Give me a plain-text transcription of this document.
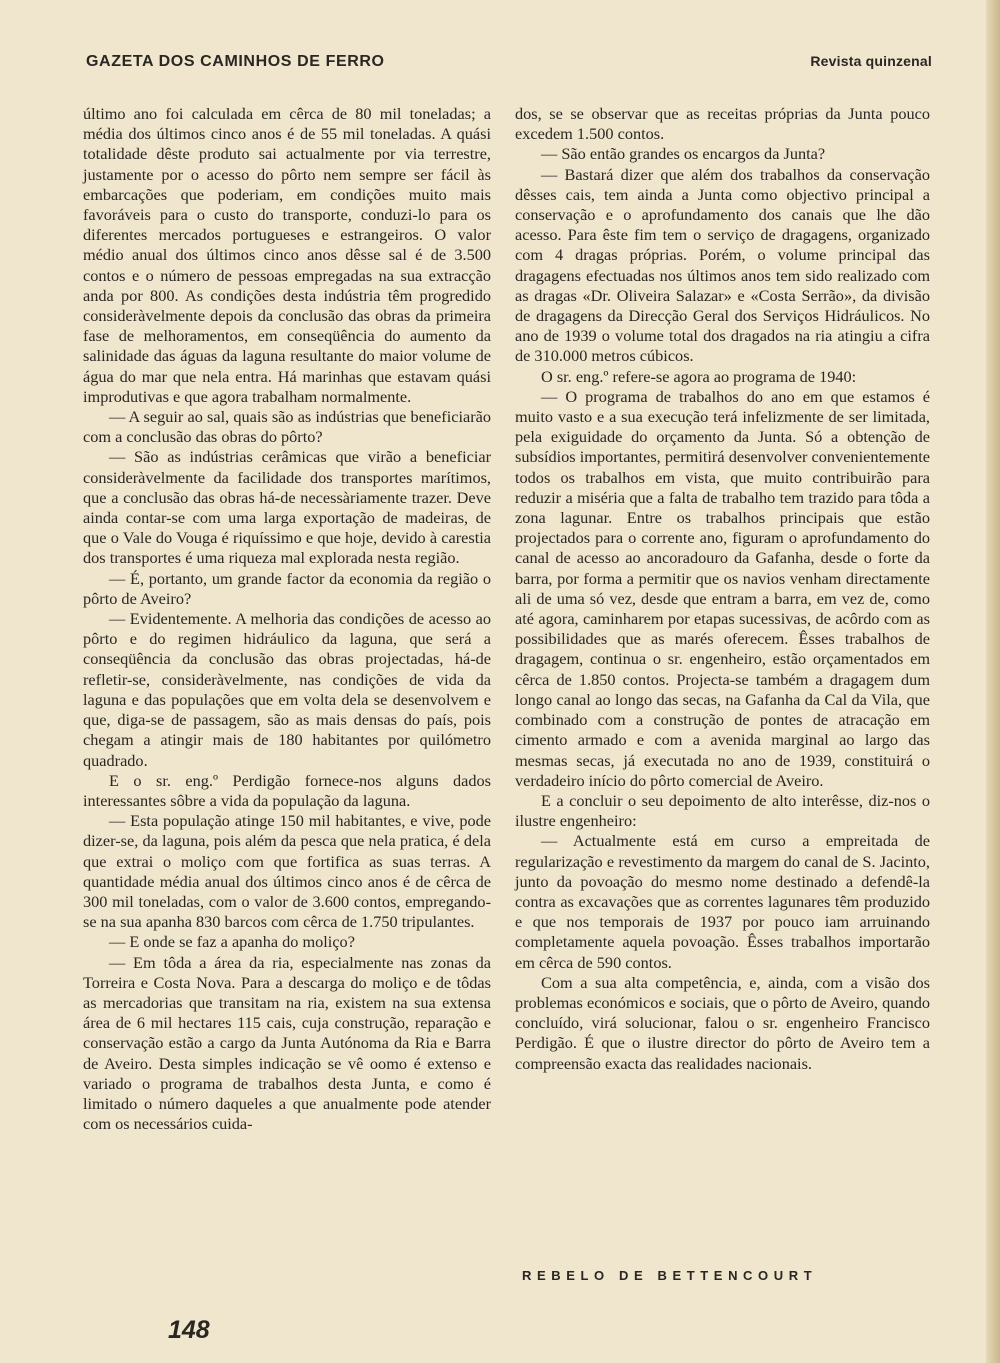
GAZETA DOS CAMINHOS DE FERRO	Revista quinzenal

último ano foi calculada em cêrca de 80 mil toneladas; a média dos últimos cinco anos é de 55 mil toneladas. A quási totalidade dêste produto sai actualmente por via terrestre, justamente por o acesso do pôrto nem sempre ser fácil às embarcações que poderiam, em condições muito mais favoráveis para o custo do transporte, conduzi-lo para os diferentes mercados portugueses e estrangeiros. O valor médio anual dos últimos cinco anos dêsse sal é de 3.500 contos e o número de pessoas empregadas na sua extracção anda por 800. As condições desta indústria têm progredido consideràvelmente depois da conclusão das obras da primeira fase de melhoramentos, em conseqüência do aumento da salinidade das águas da laguna resultante do maior volume de água do mar que nela entra. Há marinhas que estavam quási improdutivas e que agora trabalham normalmente.

— A seguir ao sal, quais são as indústrias que beneficiarão com a conclusão das obras do pôrto?

— São as indústrias cerâmicas que virão a beneficiar consideràvelmente da facilidade dos transportes marítimos, que a conclusão das obras há-de necessàriamente trazer. Deve ainda contar-se com uma larga exportação de madeiras, de que o Vale do Vouga é riquíssimo e que hoje, devido à carestia dos transportes é uma riqueza mal explorada nesta região.

— É, portanto, um grande factor da economia da região o pôrto de Aveiro?

— Evidentemente. A melhoria das condições de acesso ao pôrto e do regimen hidráulico da laguna, que será a conseqüência da conclusão das obras projectadas, há-de refletir-se, consideràvelmente, nas condições de vida da laguna e das populações que em volta dela se desenvolvem e que, diga-se de passagem, são as mais densas do país, pois chegam a atingir mais de 180 habitantes por quilómetro quadrado.

E o sr. eng.º Perdigão fornece-nos alguns dados interessantes sôbre a vida da população da laguna.

— Esta população atinge 150 mil habitantes, e vive, pode dizer-se, da laguna, pois além da pesca que nela pratica, é dela que extrai o moliço com que fortifica as suas terras. A quantidade média anual dos últimos cinco anos é de cêrca de 300 mil toneladas, com o valor de 3.600 contos, empregando-se na sua apanha 830 barcos com cêrca de 1.750 tripulantes.

— E onde se faz a apanha do moliço?

— Em tôda a área da ria, especialmente nas zonas da Torreira e Costa Nova. Para a descarga do moliço e de tôdas as mercadorias que transitam na ria, existem na sua extensa área de 6 mil hectares 115 cais, cuja construção, reparação e conservação estão a cargo da Junta Autónoma da Ria e Barra de Aveiro. Desta simples indicação se vê oomo é extenso e variado o programa de trabalhos desta Junta, e como é limitado o número daqueles a que anualmente pode atender com os necessários cuida-

dos, se se observar que as receitas próprias da Junta pouco excedem 1.500 contos.

— São então grandes os encargos da Junta?

— Bastará dizer que além dos trabalhos da conservação dêsses cais, tem ainda a Junta como objectivo principal a conservação e o aprofundamento dos canais que lhe dão acesso. Para êste fim tem o serviço de dragagens, organizado com 4 dragas próprias. Porém, o volume principal das dragagens efectuadas nos últimos anos tem sido realizado com as dragas «Dr. Oliveira Salazar» e «Costa Serrão», da divisão de dragagens da Direcção Geral dos Serviços Hidráulicos. No ano de 1939 o volume total dos dragados na ria atingiu a cifra de 310.000 metros cúbicos.

O sr. eng.º refere-se agora ao programa de 1940:

— O programa de trabalhos do ano em que estamos é muito vasto e a sua execução terá infelizmente de ser limitada, pela exiguidade do orçamento da Junta. Só a obtenção de subsídios importantes, permitirá desenvolver convenientemente todos os trabalhos em vista, que muito contribuirão para reduzir a miséria que a falta de trabalho tem trazido para tôda a zona lagunar. Entre os trabalhos principais que estão projectados para o corrente ano, figuram o aprofundamento do canal de acesso ao ancoradouro da Gafanha, desde o forte da barra, por forma a permitir que os navios venham directamente ali de uma só vez, desde que entram a barra, em vez de, como até agora, caminharem por etapas sucessivas, de acôrdo com as possibilidades que as marés oferecem. Êsses trabalhos de dragagem, continua o sr. engenheiro, estão orçamentados em cêrca de 1.850 contos. Projecta-se também a dragagem dum longo canal ao longo das secas, na Gafanha da Cal da Vila, que combinado com a construção de pontes de atracação em cimento armado e com a avenida marginal ao largo das mesmas secas, já executada no ano de 1939, constituirá o verdadeiro início do pôrto comercial de Aveiro.

E a concluir o seu depoimento de alto interêsse, diz-nos o ilustre engenheiro:

— Actualmente está em curso a empreitada de regularização e revestimento da margem do canal de S. Jacinto, junto da povoação do mesmo nome destinado a defendê-la contra as excavações que as correntes lagunares têm produzido e que nos temporais de 1937 por pouco iam arruinando completamente aquela povoação. Êsses trabalhos importarão em cêrca de 590 contos.

Com a sua alta competência, e, ainda, com a visão dos problemas económicos e sociais, que o pôrto de Aveiro, quando concluído, virá solucionar, falou o sr. engenheiro Francisco Perdigão. É que o ilustre director do pôrto de Aveiro tem a compreensão exacta das realidades nacionais.

REBELO DE BETTENCOURT
148
